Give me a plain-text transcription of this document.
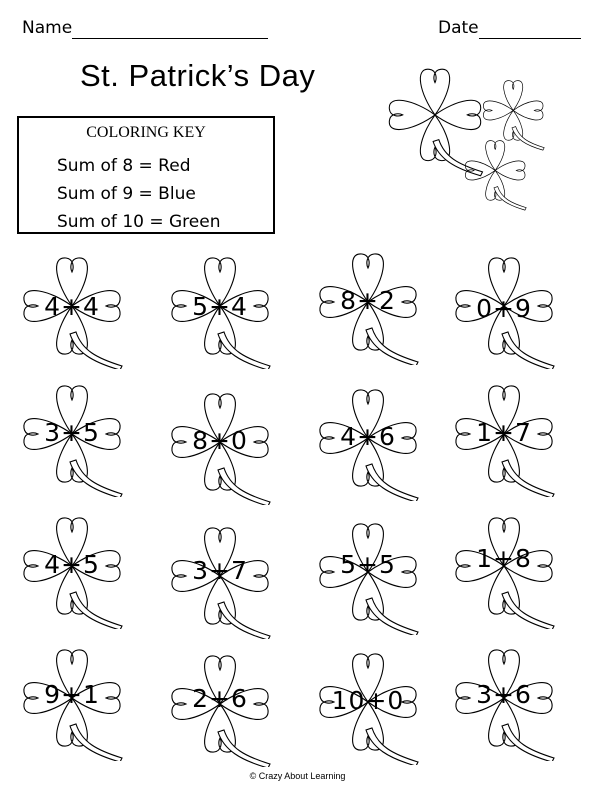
Name	Date
St. Patrick’s Day
COLORING KEY
Sum of 8 = Red
Sum of 9 = Blue
Sum of 10 = Green
4+4	5+4	8+2	0+9
3+5	8+0	4+6	1+7
4+5	3+7	5+5	1+8
9+1	2+6	10+0	3+6
© Crazy About Learning
